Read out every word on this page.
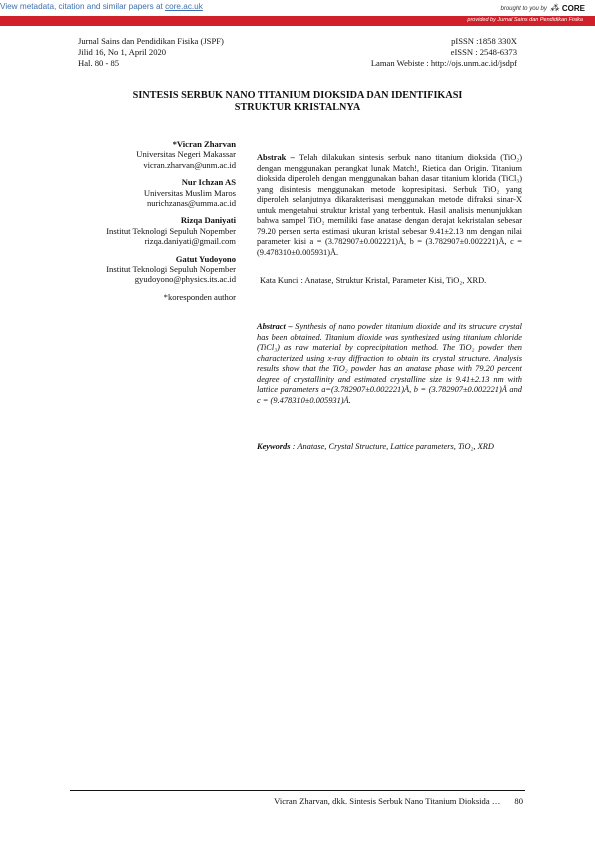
View metadata, citation and similar papers at core.ac.uk	brought to you by ⁂ CORE
provided by Jurnal Sains dan Pendidikan Fisika
Jurnal Sains dan Pendidikan Fisika (JSPF)
Jilid 16, No 1, April 2020
Hal. 80 - 85
pISSN :1858 330X
eISSN : 2548-6373
Laman Webiste : http://ojs.unm.ac.id/jsdpf
SINTESIS SERBUK NANO TITANIUM DIOKSIDA DAN IDENTIFIKASI
STRUKTUR KRISTALNYA
*Vicran Zharvan
Universitas Negeri Makassar
vicran.zharvan@unm.ac.id
Nur Ichzan AS
Universitas Muslim Maros
nurichzanas@umma.ac.id
Rizqa Daniyati
Institut Teknologi Sepuluh Nopember
rizqa.daniyati@gmail.com
Gatut Yudoyono
Institut Teknologi Sepuluh Nopember
gyudoyono@physics.its.ac.id
*koresponden author
Abstrak – Telah dilakukan sintesis serbuk nano titanium dioksida (TiO₂) dengan menggunakan perangkat lunak Match!, Rietica dan Origin. Titanium dioksida diperoleh dengan menggunakan bahan dasar titanium klorida (TiCl₃) yang disintesis menggunakan metode kopresipitasi. Serbuk TiO₂ yang diperoleh selanjutnya dikarakterisasi menggunakan metode difraksi sinar-X untuk mengetahui struktur kristal yang terbentuk. Hasil analisis menunjukkan bahwa sampel TiO₂ memiliki fase anatase dengan derajat kekristalan sebesar 79.20 persen serta estimasi ukuran kristal sebesar 9.41±2.13 nm dengan nilai parameter kisi a = (3.782907±0.002221)Å, b = (3.782907±0.002221)Å, c = (9.478310±0.005931)Å.
Kata Kunci : Anatase, Struktur Kristal, Parameter Kisi, TiO₂, XRD.
Abstract – Synthesis of nano powder titanium dioxide and its strucure crystal has been obtained. Titanium dioxide was synthesized using titanium chloride (TiCl₃) as raw material by coprecipitation method. The TiO₂ powder then characterized using x-ray diffraction to obtain its crystal structure. Analysis results show that the TiO₂ powder has an anatase phase with 79.20 percent degree of crystallinity and estimated crystalline size is 9.41±2.13 nm with lattice parameters a=(3.782907±0.002221)Å, b = (3.782907±0.002221)Å and c = (9.478310±0.005931)Å.
Keywords : Anatase, Crystal Structure, Lattice parameters, TiO₂, XRD
Vicran Zharvan, dkk. Sintesis Serbuk Nano Titanium Dioksida … 80
